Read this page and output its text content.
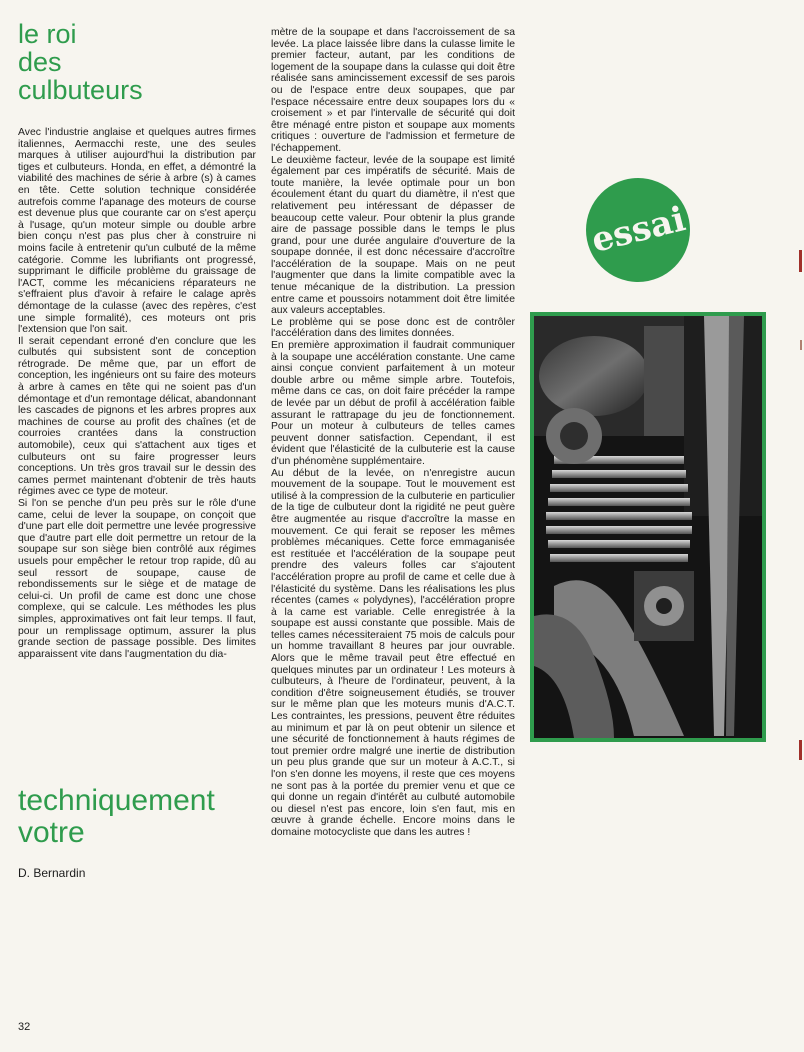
le roi
des
culbuteurs

Avec l'industrie anglaise et quelques autres firmes italiennes, Aermacchi reste, une des seules marques à utiliser aujourd'hui la distribution par tiges et culbuteurs. Honda, en effet, a démontré la viabilité des machines de série à arbre (s) à cames en tête. Cette solution technique considérée autrefois comme l'apanage des moteurs de course est devenue plus que courante car on s'est aperçu à l'usage, qu'un moteur simple ou double arbre bien conçu n'est pas plus cher à construire ni moins facile à entretenir qu'un culbuté de la même catégorie. Comme les lubrifiants ont progressé, supprimant le difficile problème du graissage de l'ACT, comme les mécaniciens réparateurs ne s'effraient plus d'avoir à refaire le calage après démontage de la culasse (avec des repères, c'est une simple formalité), ces moteurs ont pris l'extension que l'on sait.

Il serait cependant erroné d'en conclure que les culbutés qui subsistent sont de conception rétrograde. De même que, par un effort de conception, les ingénieurs ont su faire des moteurs à arbre à cames en tête qui ne soient pas d'un démontage et d'un remontage délicat, abandonnant les cascades de pignons et les arbres propres aux machines de course au profit des chaînes (et de courroies crantées dans la construction automobile), ceux qui s'attachent aux tiges et culbuteurs ont su faire progresser leurs conceptions. Un très gros travail sur le dessin des cames permet maintenant d'obtenir de très hauts régimes avec ce type de moteur.

Si l'on se penche d'un peu près sur le rôle d'une came, celui de lever la soupape, on conçoit que d'une part elle doit permettre une levée progressive que d'autre part elle doit permettre un retour de la soupape sur son siège bien contrôlé aux régimes usuels pour empêcher le retour trop rapide, dû au seul ressort de soupape, cause de rebondissements sur le siège et de matage de celui-ci. Un profil de came est donc une chose complexe, qui se calcule. Les méthodes les plus simples, approximatives ont fait leur temps. Il faut, pour un remplissage optimum, assurer la plus grande section de passage possible. Des limites apparaissent vite dans l'augmentation du dia-

mètre de la soupape et dans l'accroissement de sa levée. La place laissée libre dans la culasse limite le premier facteur, autant, par les conditions de logement de la soupape dans la culasse qui doit être réalisée sans amincissement excessif de ses parois ou de l'espace entre deux soupapes, que par l'espace nécessaire entre deux soupapes lors du « croisement » et par l'intervalle de sécurité qui doit être ménagé entre piston et soupape aux moments critiques : ouverture de l'admission et fermeture de l'échappement.

Le deuxième facteur, levée de la soupape est limité également par ces impératifs de sécurité. Mais de toute manière, la levée optimale pour un bon écoulement étant du quart du diamètre, il n'est que relativement peu intéressant de dépasser de beaucoup cette valeur. Pour obtenir la plus grande aire de passage possible dans le temps le plus grand, pour une durée angulaire d'ouverture de la soupape donnée, il est donc nécessaire d'accroître l'accélération de la soupape. Mais on ne peut l'augmenter que dans la limite compatible avec la tenue mécanique de la distribution. La pression entre came et poussoirs notamment doit être limitée aux valeurs acceptables.

Le problème qui se pose donc est de contrôler l'accélération dans des limites données.

En première approximation il faudrait communiquer à la soupape une accélération constante. Une came ainsi conçue convient parfaitement à un moteur double arbre ou même simple arbre. Toutefois, même dans ce cas, on doit faire précéder la rampe de levée par un début de profil à accélération faible assurant le rattrapage du jeu de fonctionnement. Pour un moteur à culbuteurs de telles cames peuvent donner satisfaction. Cependant, il est évident que l'élasticité de la culbuterie est la cause d'un phénomène supplémentaire.

Au début de la levée, on n'enregistre aucun mouvement de la soupape. Tout le mouvement est utilisé à la compression de la culbuterie en particulier de la tige de culbuteur dont la rigidité ne peut guère être augmentée au risque d'accroître la masse en mouvement. Ce qui ferait se reposer les mêmes problèmes mécaniques. Cette force emmaganisée est restituée et l'accélération de la soupape peut prendre des valeurs folles car s'ajoutent l'accélération propre au profil de came et celle due à l'élasticité du système. Dans les réalisations les plus récentes (cames « polydynes), l'accélération propre à la came est variable. Celle enregistrée à la soupape est aussi constante que possible. Mais de telles cames nécessiteraient 75 mois de calculs pour un homme travaillant 8 heures par jour ouvrable. Alors que le même travail peut être effectué en quelques minutes par un ordinateur ! Les moteurs à culbuteurs, à l'heure de l'ordinateur, peuvent, à la condition d'être soigneusement étudiés, se trouver sur le même plan que les moteurs munis d'A.C.T. Les contraintes, les pressions, peuvent être réduites au minimum et par là on peut obtenir un silence et une sécurité de fonctionnement à hauts régimes de tout premier ordre malgré une inertie de distribution un peu plus grande que sur un moteur à A.C.T., si l'on s'en donne les moyens, il reste que ces moyens ne sont pas à la portée du premier venu et que ce qui donne un regain d'intérêt au culbuté automobile ou diesel n'est pas encore, loin s'en faut, mis en œuvre à grande échelle. Encore moins dans le domaine motocycliste que dans les autres !

techniquement
votre
D. Bernardin
32
essai
